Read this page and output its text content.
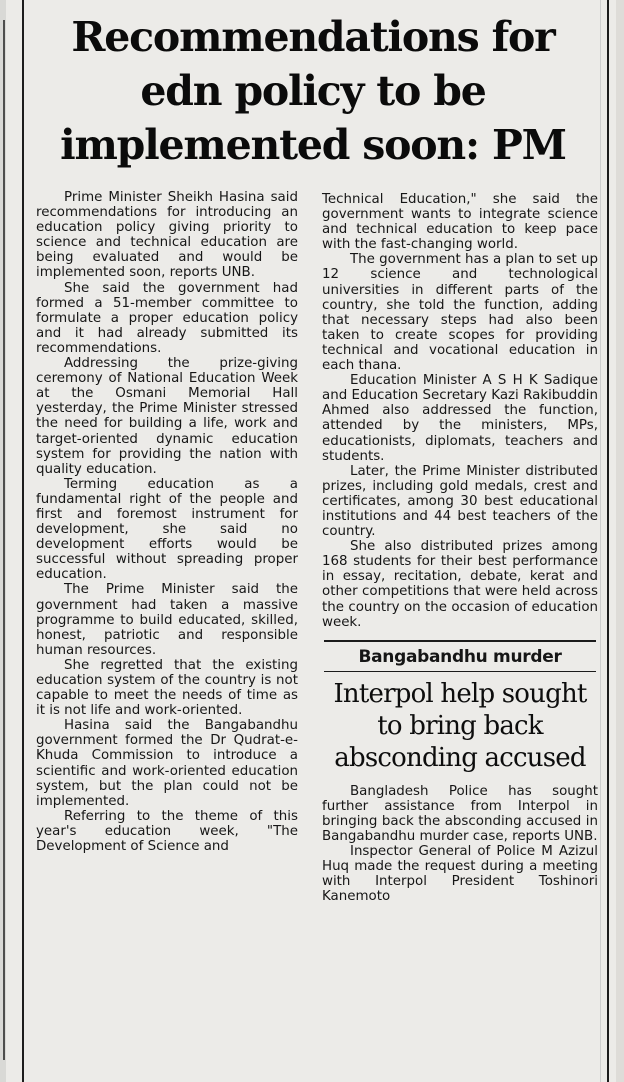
Recommendations for
edn policy to be
implemented soon: PM

Prime Minister Sheikh Hasina said recommendations for introducing an education policy giving priority to science and technical education are being evaluated and would be implemented soon, reports UNB.

She said the government had formed a 51-member committee to formulate a proper education policy and it had already submitted its recommendations.

Addressing the prize-giving ceremony of National Education Week at the Osmani Memorial Hall yesterday, the Prime Minister stressed the need for building a life, work and target-oriented dynamic education system for providing the nation with quality education.

Terming education as a fundamental right of the people and first and foremost instrument for development, she said no development efforts would be successful without spreading proper education.

The Prime Minister said the government had taken a massive programme to build educated, skilled, honest, patriotic and responsible human resources.

She regretted that the existing education system of the country is not capable to meet the needs of time as it is not life and work-oriented.

Hasina said the Bangabandhu government formed the Dr Qudrat-e-Khuda Commission to introduce a scientific and work-oriented education system, but the plan could not be implemented.

Referring to the theme of this year's education week, "The Development of Science and

Technical Education," she said the government wants to integrate science and technical education to keep pace with the fast-changing world.

The government has a plan to set up 12 science and technological universities in different parts of the country, she told the function, adding that necessary steps had also been taken to create scopes for providing technical and vocational education in each thana.

Education Minister A S H K Sadique and Education Secretary Kazi Rakibuddin Ahmed also addressed the function, attended by the ministers, MPs, educationists, diplomats, teachers and students.

Later, the Prime Minister distributed prizes, including gold medals, crest and certificates, among 30 best educational institutions and 44 best teachers of the country.

She also distributed prizes among 168 students for their best performance in essay, recitation, debate, kerat and other competitions that were held across the country on the occasion of education week.

Bangabandhu murder
Interpol help sought to bring back absconding accused

Bangladesh Police has sought further assistance from Interpol in bringing back the absconding accused in Bangabandhu murder case, reports UNB.

Inspector General of Police M Azizul Huq made the request during a meeting with Interpol President Toshinori Kanemoto
